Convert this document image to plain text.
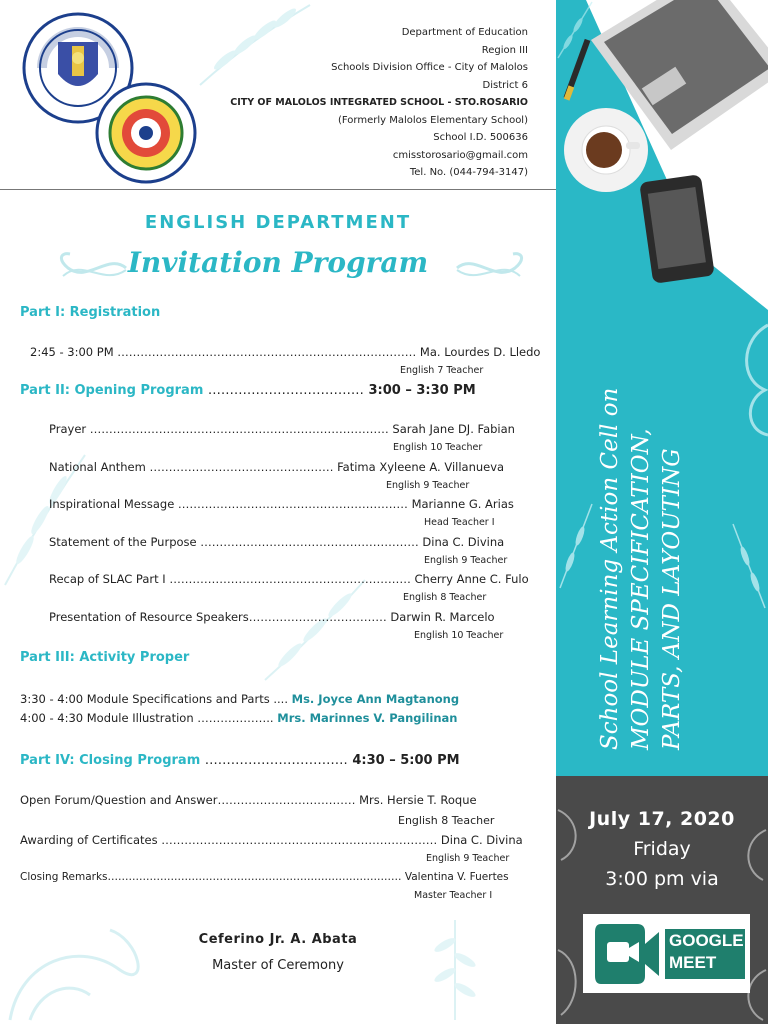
Department of Education
Region III
Schools Division Office - City of Malolos
District 6
CITY OF MALOLOS INTEGRATED SCHOOL - STO.ROSARIO
(Formerly Malolos Elementary School)
School I.D. 500636
cmisstorosario@gmail.com
Tel. No. (044-794-3147)
ENGLISH DEPARTMENT
Invitation Program
Part I: Registration
2:45 - 3:00 PM …………………………………………………………………… Ma. Lourdes D. Lledo
English 7 Teacher
Part II: Opening Program ……………………………… 3:00 – 3:30 PM
Prayer …………………………………………………………………… Sarah Jane DJ. Fabian
English 10 Teacher
National Anthem ………………………………………… Fatima Xyleene A. Villanueva
English 9 Teacher
Inspirational Message …………………………………………………… Marianne G. Arias
Head Teacher I
Statement of the Purpose ………………………………………………… Dina C. Divina
English 9 Teacher
Recap of SLAC Part I ……………………………………………………… Cherry Anne C. Fulo
English 8 Teacher
Presentation of Resource Speakers……………………………… Darwin R. Marcelo
English 10 Teacher
Part III: Activity Proper
3:30 - 4:00 Module Specifications and Parts .... Ms. Joyce Ann Magtanong
4:00 - 4:30 Module Illustration ……………….. Mrs. Marinnes V. Pangilinan
Part IV: Closing Program …………………………… 4:30 – 5:00 PM
Open Forum/Question and Answer……………………………… Mrs. Hersie T. Roque
English 8 Teacher
Awarding of Certificates ……………………………………………………………… Dina C. Divina
English 9 Teacher
Closing Remarks………………………………………………………………………… Valentina V. Fuertes
Master Teacher I
Ceferino Jr. A. Abata
Master of Ceremony
School Learning Action Cell on MODULE SPECIFICATION, PARTS, AND LAYOUTING
July 17, 2020
Friday
3:00 pm via
GOOGLE
MEET
